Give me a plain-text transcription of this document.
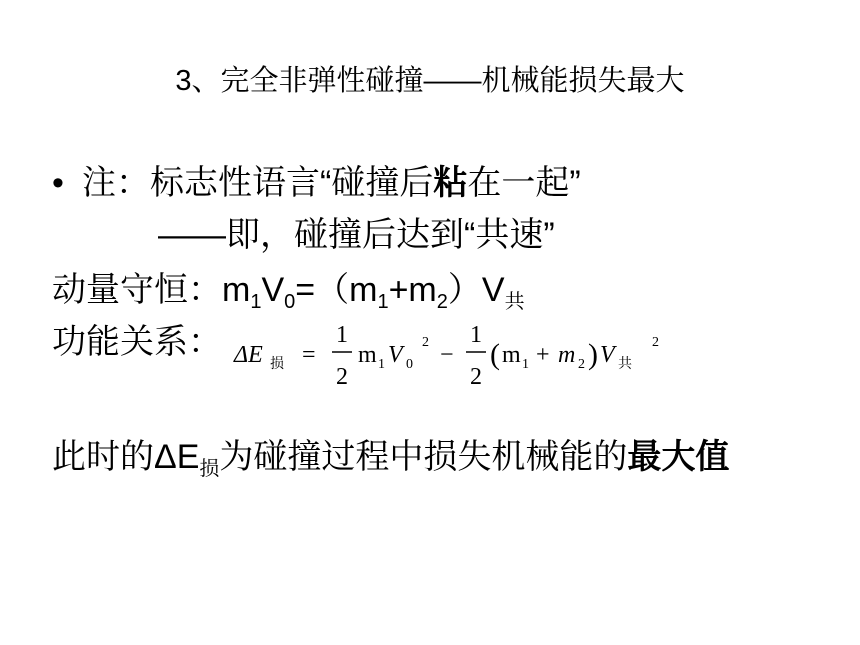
3、完全非弹性碰撞——机械能损失最大
• 注：标志性语言“碰撞后粘在一起”
——即，碰撞后达到“共速”
动量守恒：$m_1V_0=(m_1+m_2)V_共$
功能关系： ΔE 损 =
1
2
m 1 V 0
2 −
1
2
( m 1 + m 2 ) V 共
2
此时的$\Delta E_损$为碰撞过程中损失机械能的最大值
